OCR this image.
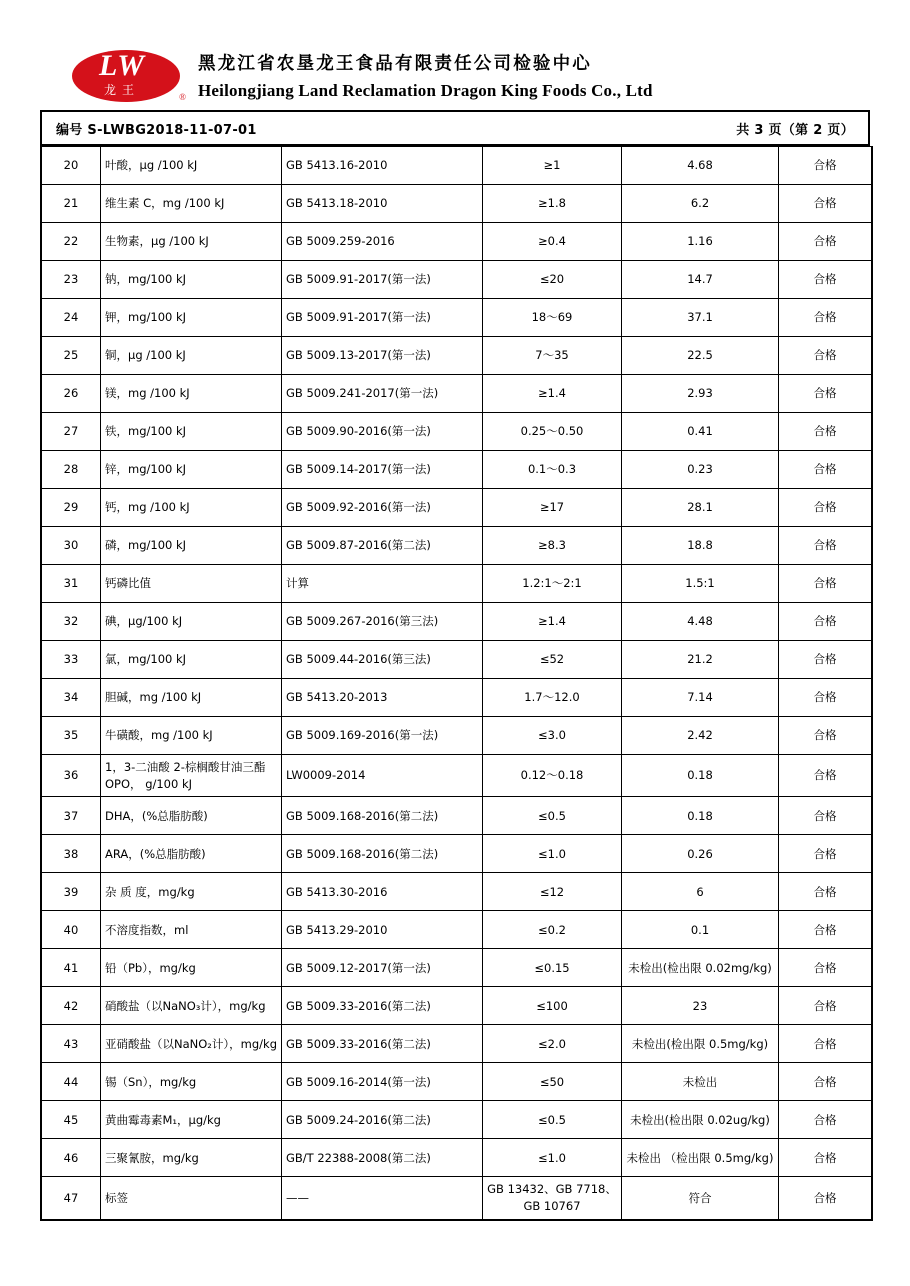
LW
龙王	®
黑龙江省农垦龙王食品有限责任公司检验中心
Heilongjiang Land Reclamation Dragon King Foods Co., Ltd
编号 S-LWBG2018-11-07-01	共 3 页（第 2 页）
20	叶酸，μg /100 kJ	GB 5413.16-2010	≥1	4.68	合格
21	维生素 C，mg /100 kJ	GB 5413.18-2010	≥1.8	6.2	合格
22	生物素，μg /100 kJ	GB 5009.259-2016	≥0.4	1.16	合格
23	钠，mg/100 kJ	GB 5009.91-2017(第一法)	≤20	14.7	合格
24	钾，mg/100 kJ	GB 5009.91-2017(第一法)	18～69	37.1	合格
25	铜，μg /100 kJ	GB 5009.13-2017(第一法)	7～35	22.5	合格
26	镁，mg /100 kJ	GB 5009.241-2017(第一法)	≥1.4	2.93	合格
27	铁，mg/100 kJ	GB 5009.90-2016(第一法)	0.25～0.50	0.41	合格
28	锌，mg/100 kJ	GB 5009.14-2017(第一法)	0.1～0.3	0.23	合格
29	钙，mg /100 kJ	GB 5009.92-2016(第一法)	≥17	28.1	合格
30	磷，mg/100 kJ	GB 5009.87-2016(第二法)	≥8.3	18.8	合格
31	钙磷比值	计算	1.2:1～2:1	1.5:1	合格
32	碘，μg/100 kJ	GB 5009.267-2016(第三法)	≥1.4	4.48	合格
33	氯，mg/100 kJ	GB 5009.44-2016(第三法)	≤52	21.2	合格
34	胆碱，mg /100 kJ	GB 5413.20-2013	1.7～12.0	7.14	合格
35	牛磺酸，mg /100 kJ	GB 5009.169-2016(第一法)	≤3.0	2.42	合格
36	1，3-二油酸 2-棕榈酸甘油三酯 OPO， g/100 kJ	LW0009-2014	0.12～0.18	0.18	合格
37	DHA，(%总脂肪酸)	GB 5009.168-2016(第二法)	≤0.5	0.18	合格
38	ARA，(%总脂肪酸)	GB 5009.168-2016(第二法)	≤1.0	0.26	合格
39	杂 质 度，mg/kg	GB 5413.30-2016	≤12	6	合格
40	不溶度指数，ml	GB 5413.29-2010	≤0.2	0.1	合格
41	铅（Pb），mg/kg	GB 5009.12-2017(第一法)	≤0.15	未检出(检出限 0.02mg/kg)	合格
42	硝酸盐（以NaNO₃计），mg/kg	GB 5009.33-2016(第二法)	≤100	23	合格
43	亚硝酸盐（以NaNO₂计），mg/kg	GB 5009.33-2016(第二法)	≤2.0	未检出(检出限 0.5mg/kg)	合格
44	锡（Sn），mg/kg	GB 5009.16-2014(第一法)	≤50	未检出	合格
45	黄曲霉毒素M₁，μg/kg	GB 5009.24-2016(第二法)	≤0.5	未检出(检出限 0.02ug/kg)	合格
46	三聚氰胺，mg/kg	GB/T 22388-2008(第二法)	≤1.0	未检出 （检出限 0.5mg/kg)	合格
47	标签	——	GB 13432、GB 7718、GB 10767	符合	合格
